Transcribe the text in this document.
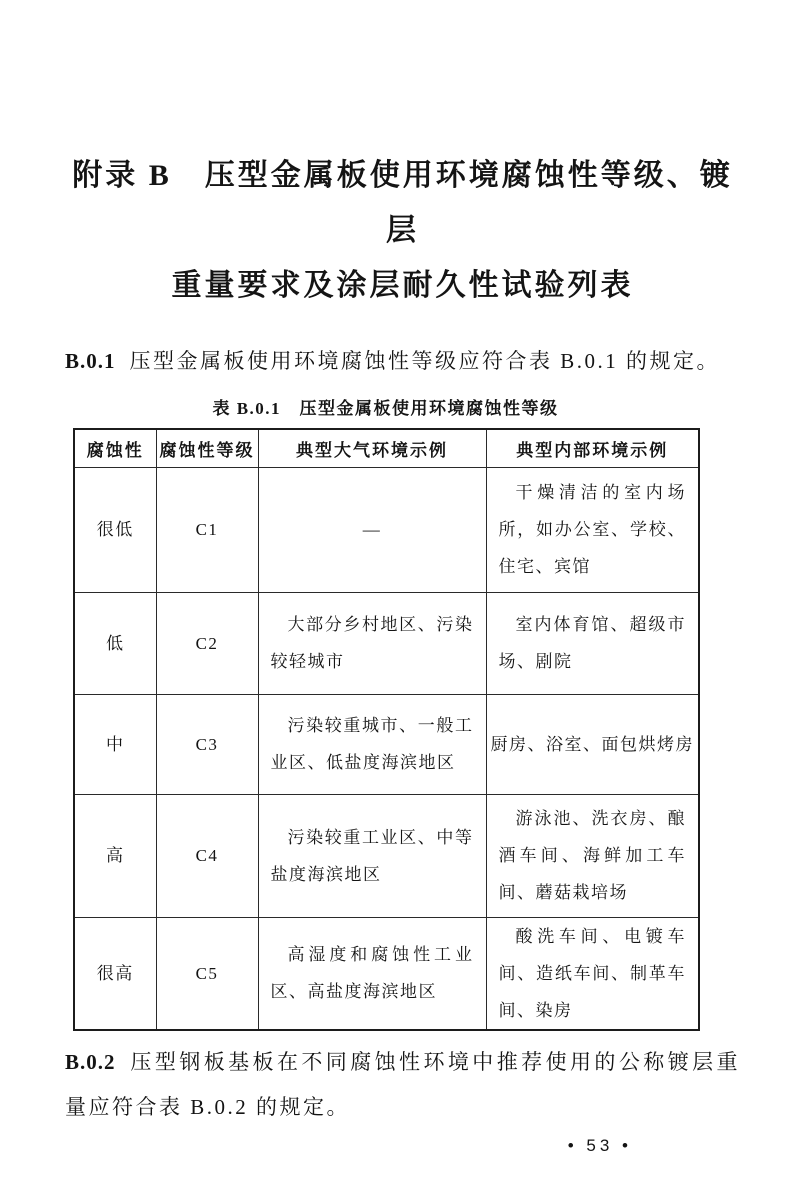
附录 B　压型金属板使用环境腐蚀性等级、镀层
重量要求及涂层耐久性试验列表

B.0.1 压型金属板使用环境腐蚀性等级应符合表 B.0.1 的规定。

表 B.0.1　压型金属板使用环境腐蚀性等级
腐蚀性	腐蚀性等级	典型大气环境示例	典型内部环境示例
很低	C1	—	干燥清洁的室内场所，如办公室、学校、住宅、宾馆
低	C2	大部分乡村地区、污染较轻城市	室内体育馆、超级市场、剧院
中	C3	污染较重城市、一般工业区、低盐度海滨地区	厨房、浴室、面包烘烤房
高	C4	污染较重工业区、中等盐度海滨地区	游泳池、洗衣房、酿酒车间、海鲜加工车间、蘑菇栽培场
很高	C5	高湿度和腐蚀性工业区、高盐度海滨地区	酸洗车间、电镀车间、造纸车间、制革车间、染房

B.0.2 压型钢板基板在不同腐蚀性环境中推荐使用的公称镀层重量应符合表 B.0.2 的规定。

• 53 •
